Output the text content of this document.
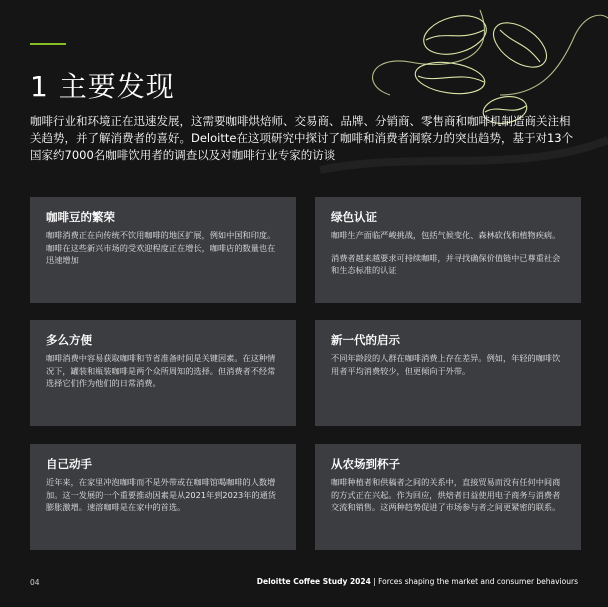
1 主要发现
咖啡行业和环境正在迅速发展，这需要咖啡烘焙师、交易商、品牌、分销商、零售商和咖啡机制造商关注相关趋势，并了解消费者的喜好。Deloitte在这项研究中探讨了咖啡和消费者洞察力的突出趋势，基于对13个国家约7000名咖啡饮用者的调查以及对咖啡行业专家的访谈
咖啡豆的繁荣

咖啡消费正在向传统不饮用咖啡的地区扩展，例如中国和印度。咖啡在这些新兴市场的受欢迎程度正在增长，咖啡店的数量也在迅速增加

绿色认证

咖啡生产面临严峻挑战，包括气候变化、森林砍伐和植物疾病。

消费者越来越要求可持续咖啡，并寻找确保价值链中已尊重社会和生态标准的认证

多么方便

咖啡消费中容易获取咖啡和节省准备时间是关键因素。在这种情况下，罐装和瓶装咖啡是两个众所周知的选择。但消费者不经常选择它们作为他们的日常消费。

新一代的启示

不同年龄段的人群在咖啡消费上存在差异。例如，年轻的咖啡饮用者平均消费较少，但更倾向于外带。

自己动手

近年来，在家里冲泡咖啡而不是外带或在咖啡馆喝咖啡的人数增加。这一发展的一个重要推动因素是从2021年到2023年的通货膨胀激增。速溶咖啡是在家中的首选。

从农场到杯子

咖啡种植者和供稿者之间的关系中，直接贸易而没有任何中间商的方式正在兴起。作为回应，烘焙者日益使用电子商务与消费者交流和销售。这两种趋势促进了市场参与者之间更紧密的联系。

04	Deloitte Coffee Study 2024 | Forces shaping the market and consumer behaviours
